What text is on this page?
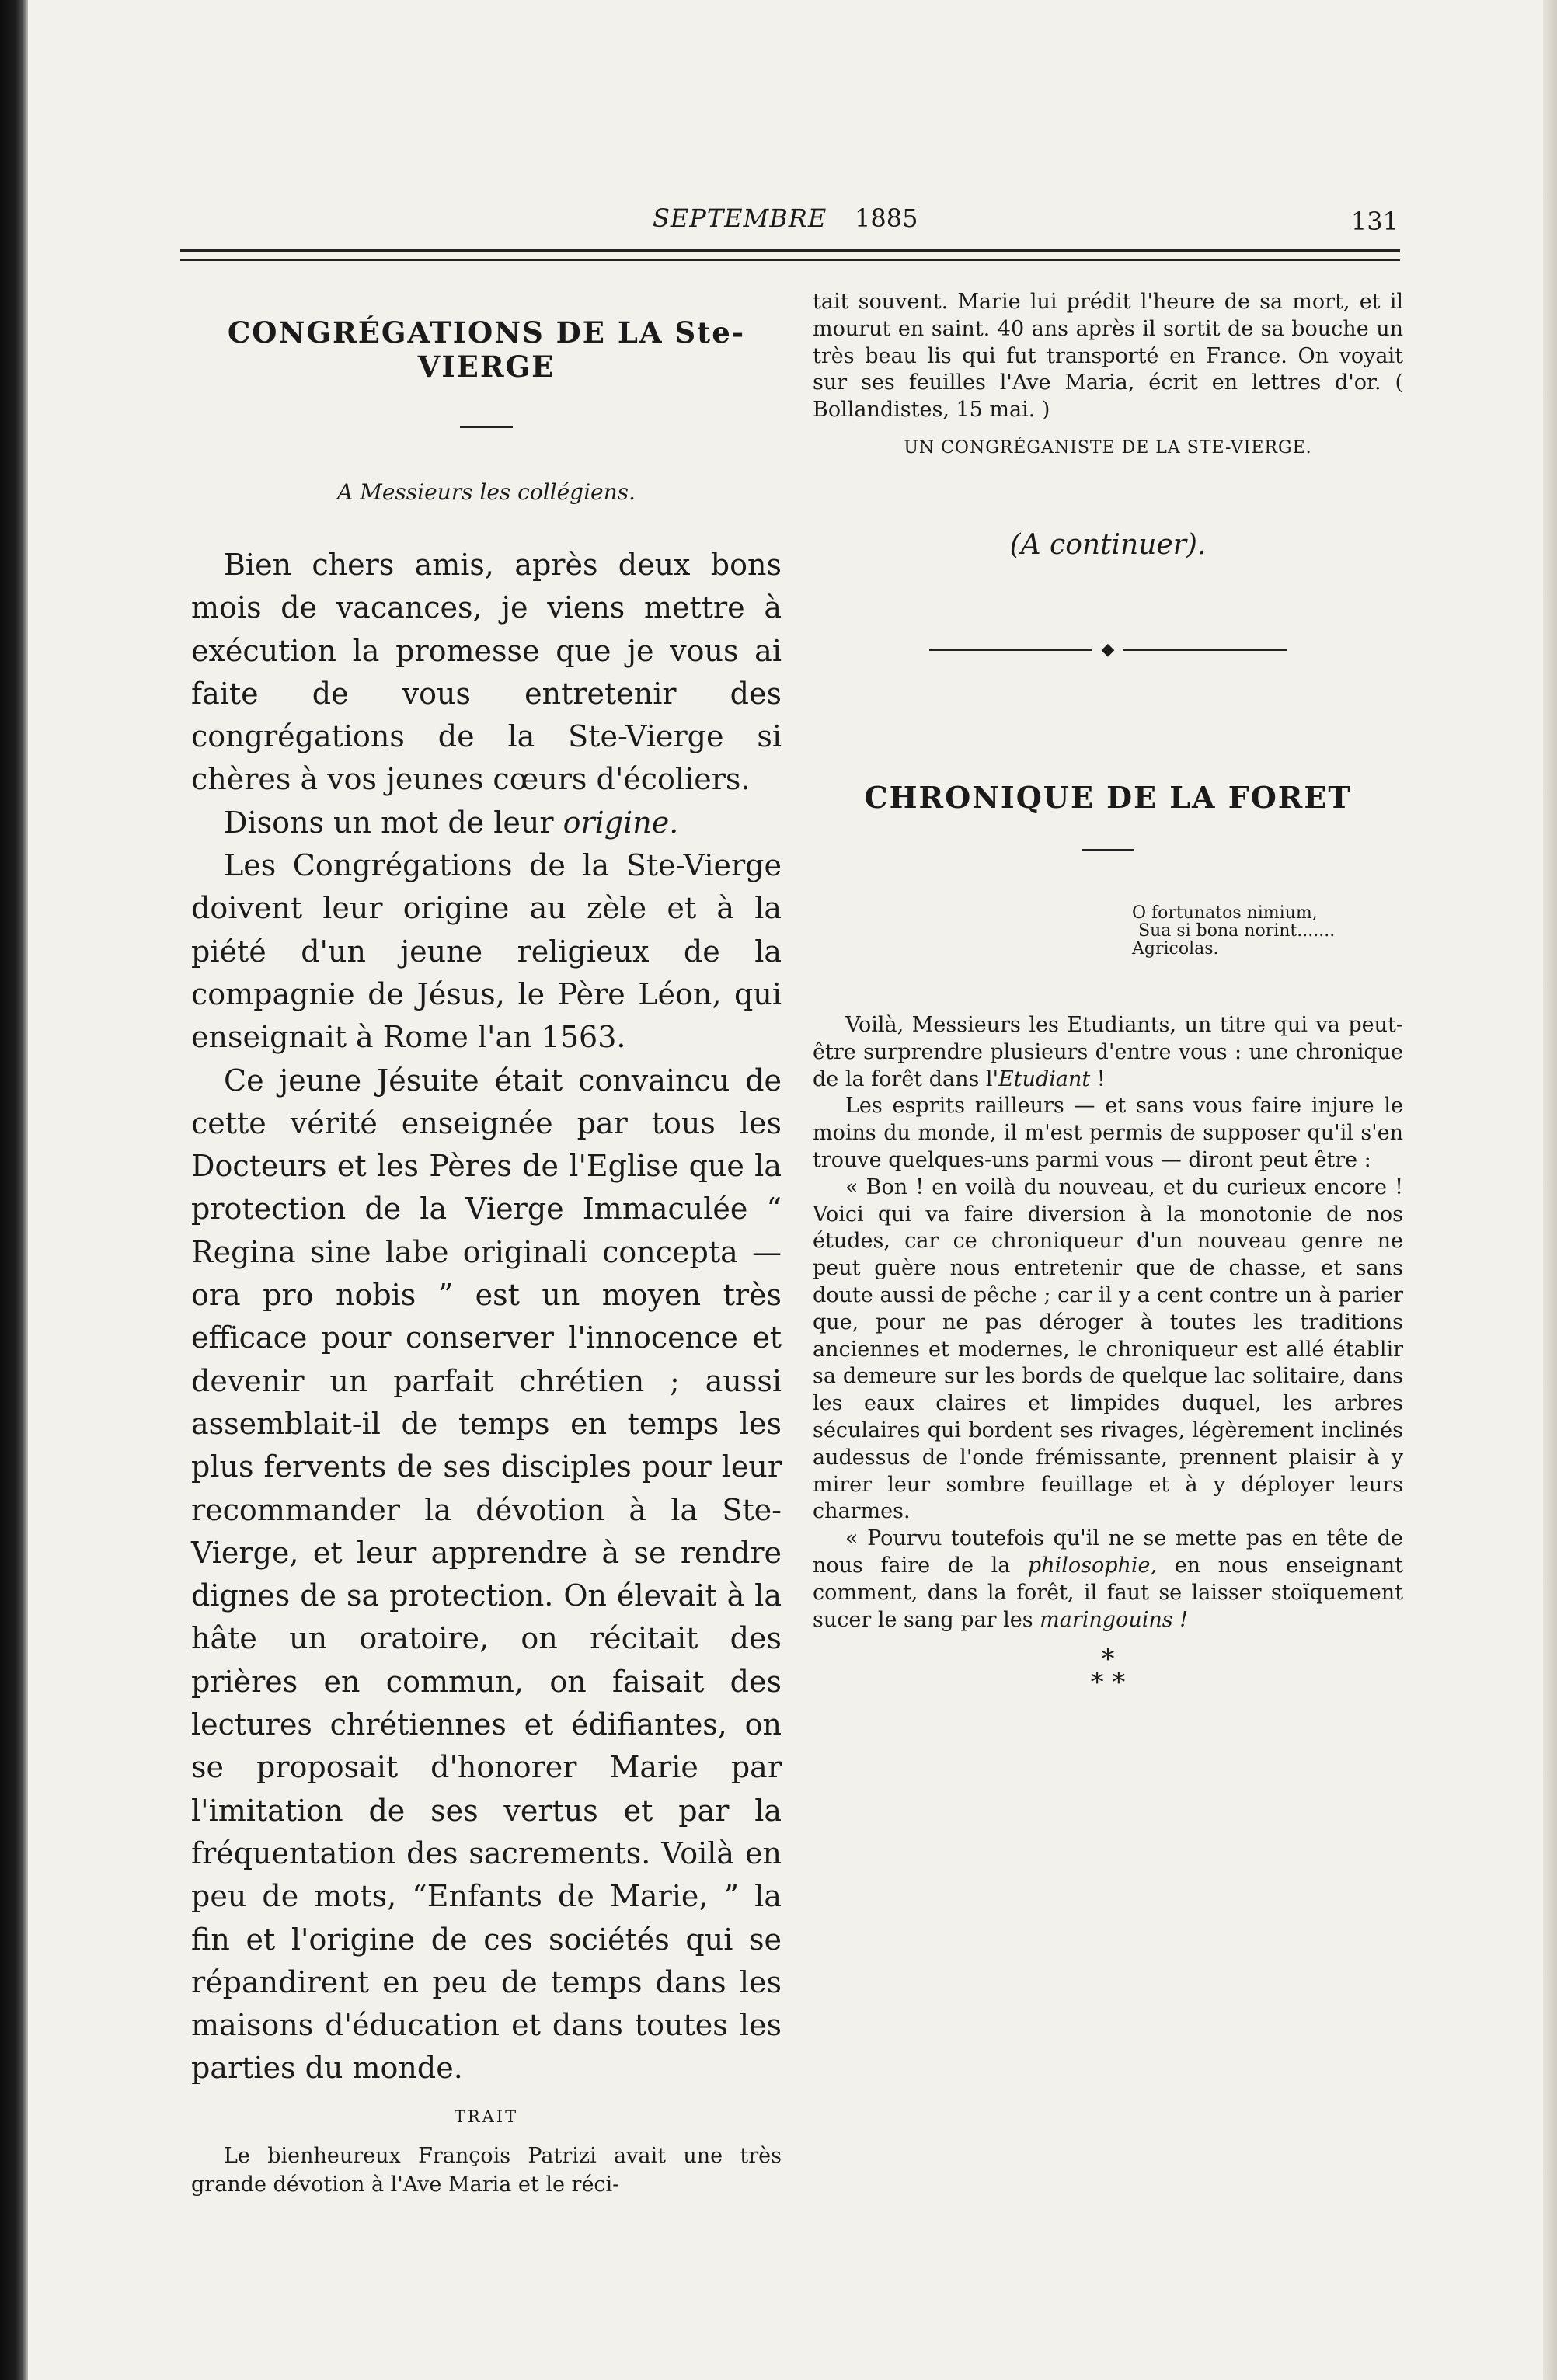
SEPTEMBRE 1885	131
CONGRÉGATIONS DE LA Ste-VIERGE
A Messieurs les collégiens.

Bien chers amis, après deux bons mois de vacances, je viens mettre à exécution la promesse que je vous ai faite de vous entretenir des congrégations de la Ste-Vierge si chères à vos jeunes cœurs d'écoliers.

Disons un mot de leur origine.

Les Congrégations de la Ste-Vierge doivent leur origine au zèle et à la piété d'un jeune religieux de la compagnie de Jésus, le Père Léon, qui enseignait à Rome l'an 1563.

Ce jeune Jésuite était convaincu de cette vérité enseignée par tous les Docteurs et les Pères de l'Eglise que la protection de la Vierge Immaculée “ Regina sine labe originali concepta — ora pro nobis ” est un moyen très efficace pour conserver l'innocence et devenir un parfait chrétien ; aussi assemblait-il de temps en temps les plus fervents de ses disciples pour leur recommander la dévotion à la Ste-Vierge, et leur apprendre à se rendre dignes de sa protection. On élevait à la hâte un oratoire, on récitait des prières en commun, on faisait des lectures chrétiennes et édifiantes, on se proposait d'honorer Marie par l'imitation de ses vertus et par la fréquentation des sacrements. Voilà en peu de mots, “Enfants de Marie, ” la fin et l'origine de ces sociétés qui se répandirent en peu de temps dans les maisons d'éducation et dans toutes les parties du monde.

TRAIT

Le bienheureux François Patrizi avait une très grande dévotion à l'Ave Maria et le réci-

tait souvent. Marie lui prédit l'heure de sa mort, et il mourut en saint. 40 ans après il sortit de sa bouche un très beau lis qui fut transporté en France. On voyait sur ses feuilles l'Ave Maria, écrit en lettres d'or. ( Bollandistes, 15 mai. )

UN CONGRÉGANISTE DE LA STE-VIERGE.
(A continuer).
◆
CHRONIQUE DE LA FORET
O fortunatos nimium,
Sua si bona norint.......
Agricolas.

Voilà, Messieurs les Etudiants, un titre qui va peut-être surprendre plusieurs d'entre vous : une chronique de la forêt dans l'Etudiant !

Les esprits railleurs — et sans vous faire injure le moins du monde, il m'est permis de supposer qu'il s'en trouve quelques-uns parmi vous — diront peut être :

« Bon ! en voilà du nouveau, et du curieux encore ! Voici qui va faire diversion à la monotonie de nos études, car ce chroniqueur d'un nouveau genre ne peut guère nous entretenir que de chasse, et sans doute aussi de pêche ; car il y a cent contre un à parier que, pour ne pas déroger à toutes les traditions anciennes et modernes, le chroniqueur est allé établir sa demeure sur les bords de quelque lac solitaire, dans les eaux claires et limpides duquel, les arbres séculaires qui bordent ses rivages, légèrement inclinés audessus de l'onde frémissante, prennent plaisir à y mirer leur sombre feuillage et à y déployer leurs charmes.

« Pourvu toutefois qu'il ne se mette pas en tête de nous faire de la philosophie, en nous enseignant comment, dans la forêt, il faut se laisser stoïquement sucer le sang par les maringouins !

*
* *
